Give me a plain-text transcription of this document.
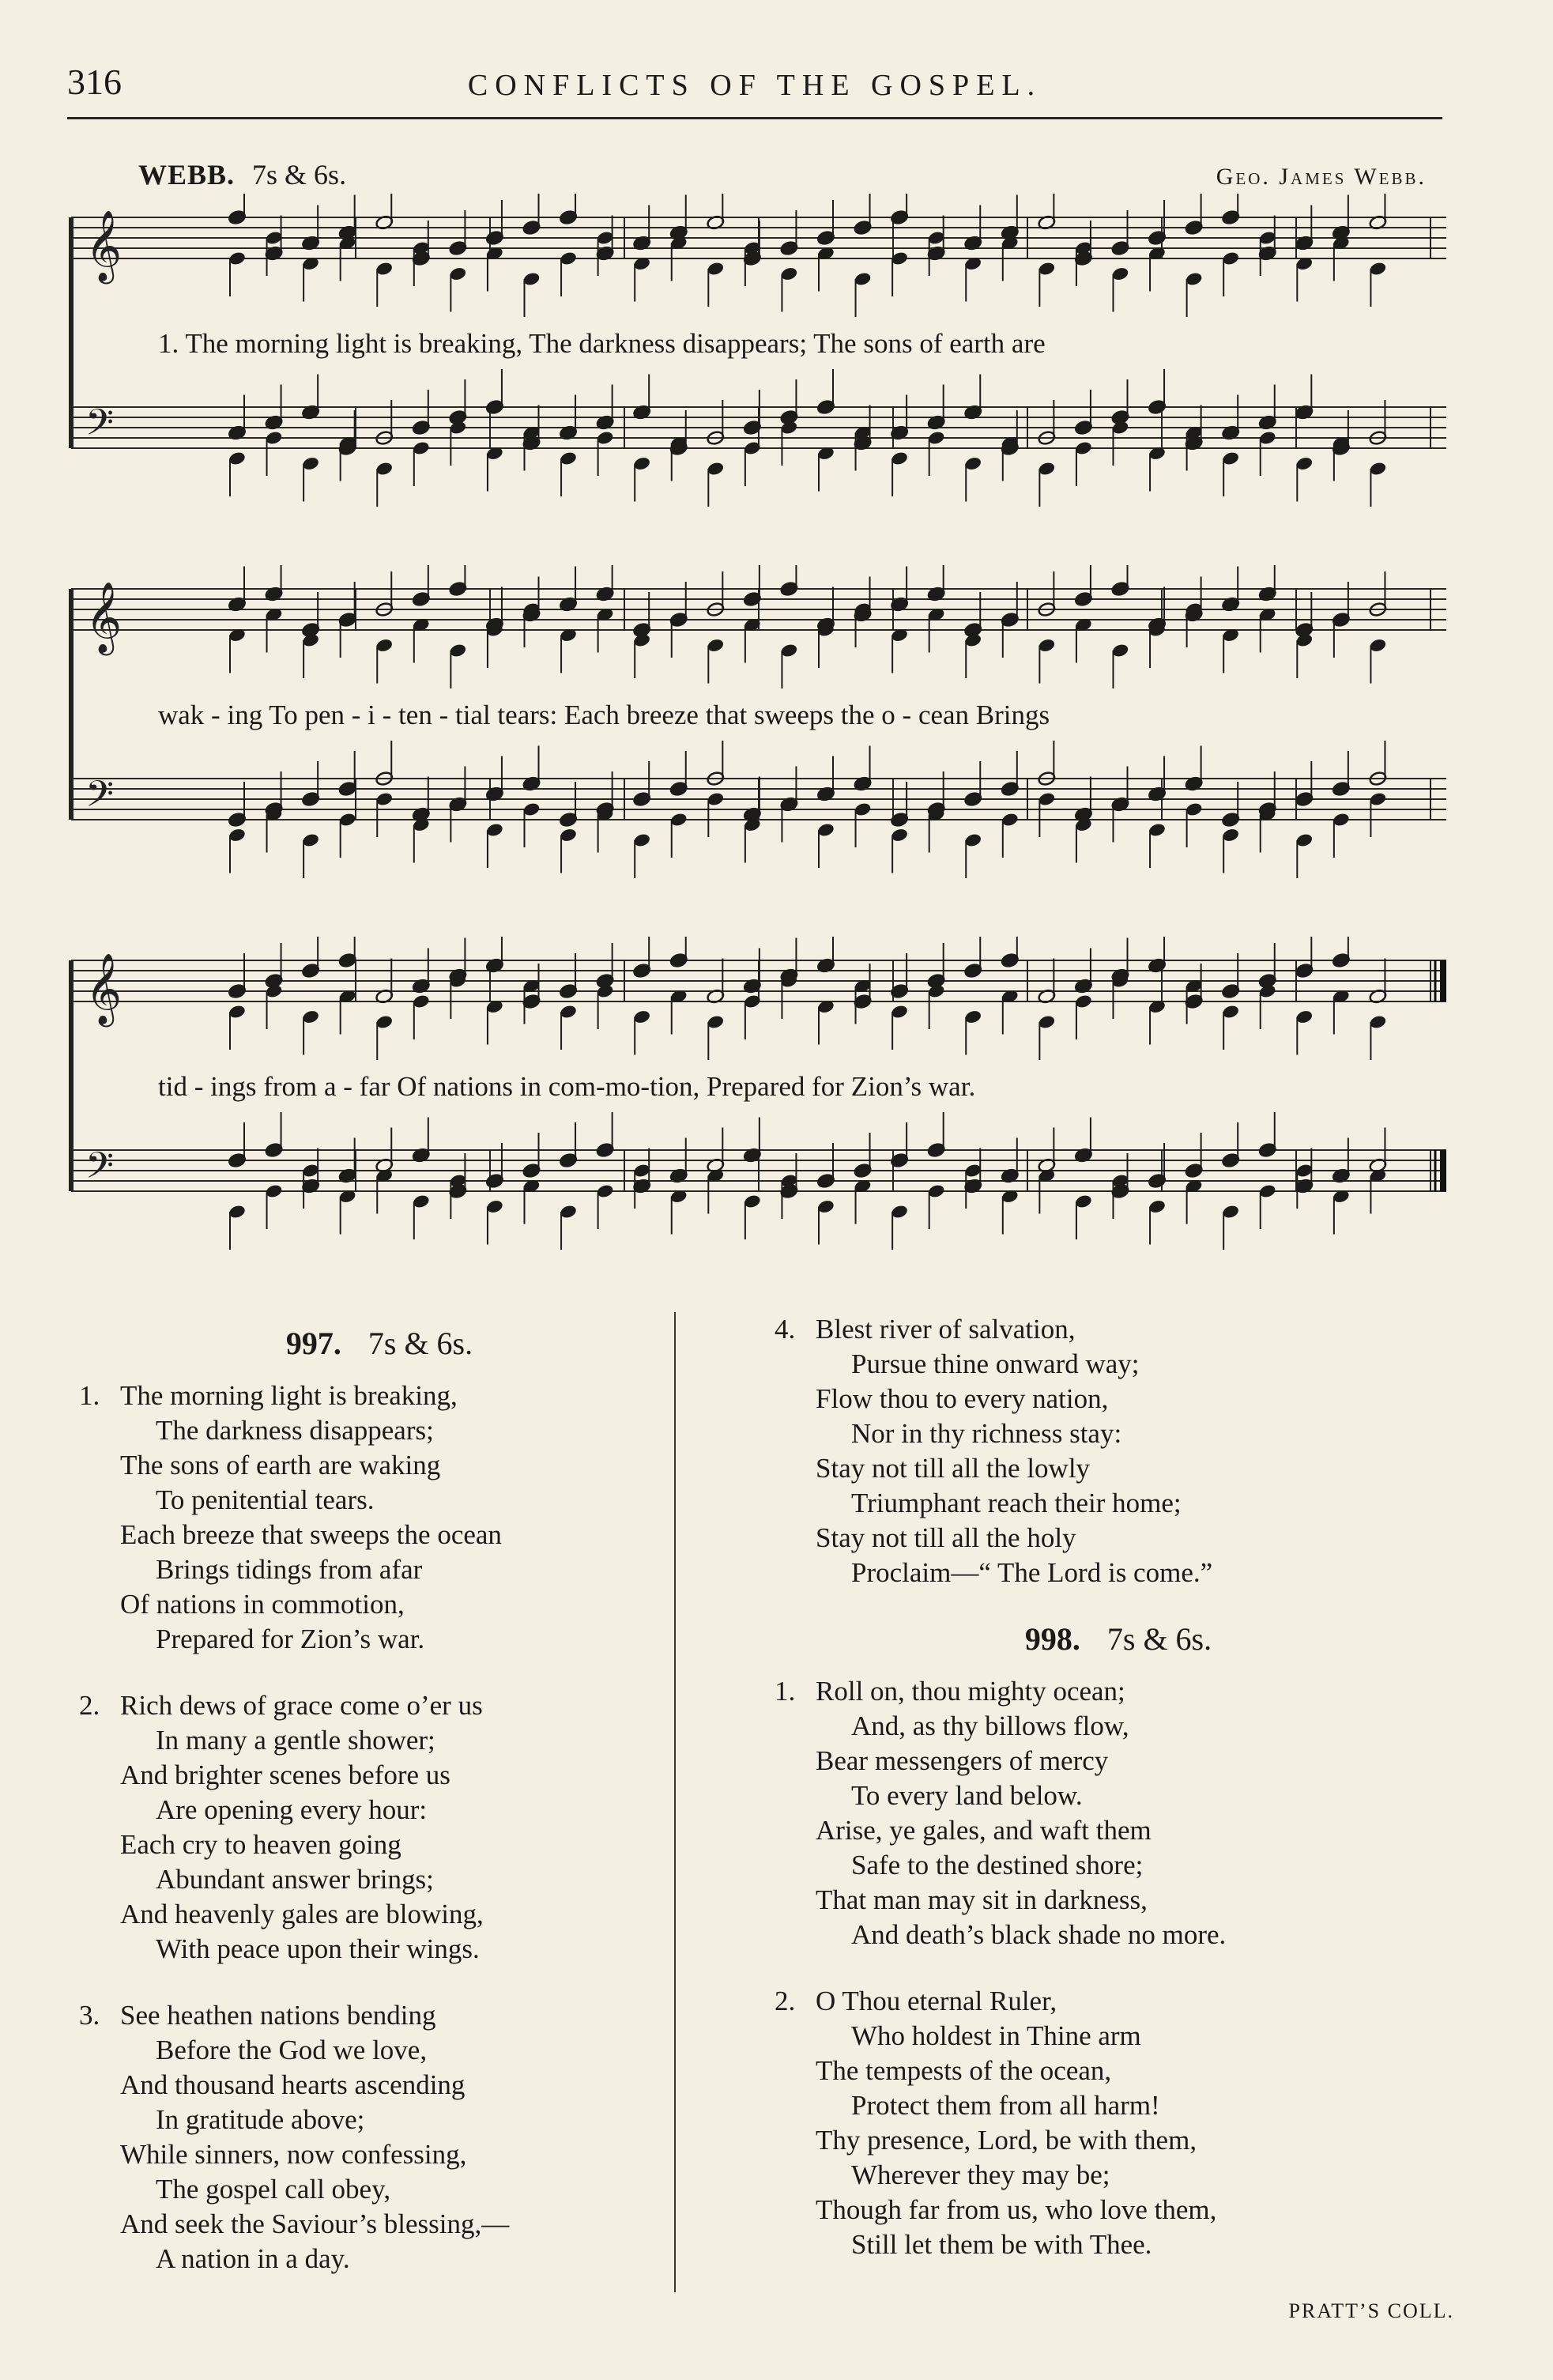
316	CONFLICTS OF THE GOSPEL.
WEBB. 7s & 6s.	Geo. James Webb.
𝄞
𝄢
1. The morning light is breaking, The darkness disappears; The sons of earth are
𝄞
𝄢
wak - ing To pen - i - ten - tial tears: Each breeze that sweeps the o - cean Brings
𝄞
𝄢
tid - ings from a - far Of nations in com-mo-tion, Prepared for Zion’s war.
997. 7s & 6s.
1. The morning light is breaking,
The darkness disappears;
The sons of earth are waking
To penitential tears.
Each breeze that sweeps the ocean
Brings tidings from afar
Of nations in commotion,
Prepared for Zion’s war.
2. Rich dews of grace come o’er us
In many a gentle shower;
And brighter scenes before us
Are opening every hour:
Each cry to heaven going
Abundant answer brings;
And heavenly gales are blowing,
With peace upon their wings.
3. See heathen nations bending
Before the God we love,
And thousand hearts ascending
In gratitude above;
While sinners, now confessing,
The gospel call obey,
And seek the Saviour’s blessing,—
A nation in a day.
4. Blest river of salvation,
Pursue thine onward way;
Flow thou to every nation,
Nor in thy richness stay:
Stay not till all the lowly
Triumphant reach their home;
Stay not till all the holy
Proclaim—“ The Lord is come.”
998. 7s & 6s.
1. Roll on, thou mighty ocean;
And, as thy billows flow,
Bear messengers of mercy
To every land below.
Arise, ye gales, and waft them
Safe to the destined shore;
That man may sit in darkness,
And death’s black shade no more.
2. O Thou eternal Ruler,
Who holdest in Thine arm
The tempests of the ocean,
Protect them from all harm!
Thy presence, Lord, be with them,
Wherever they may be;
Though far from us, who love them,
Still let them be with Thee.
PRATT’S COLL.
